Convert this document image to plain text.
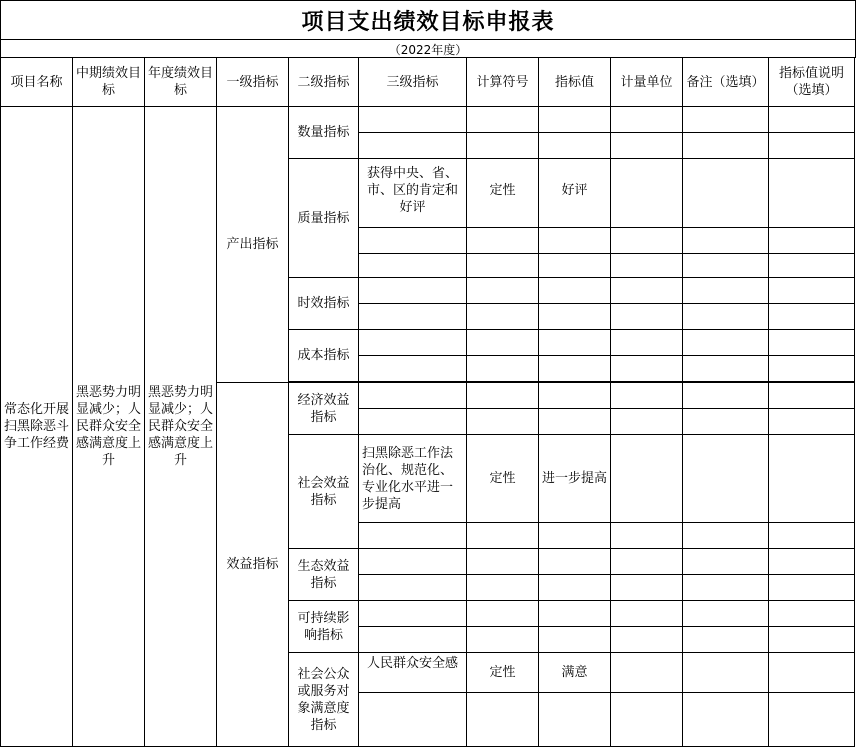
项目支出绩效目标申报表
（2022年度）
项目名称	中期绩效目标	年度绩效目标	一级指标	二级指标	三级指标	计算符号	指标值	计量单位	备注（选填）	指标值说明（选填）
常态化开展扫黑除恶斗争工作经费	黑恶势力明显减少；人民群众安全感满意度上升	黑恶势力明显减少；人民群众安全感满意度上升	产出指标	数量指标						

				质量指标	获得中央、省、市、区的肯定和好评	定性	好评			

				时效指标						

				成本指标						

			效益指标	经济效益指标						

				社会效益指标	扫黑除恶工作法治化、规范化、专业化水平进一步提高	定性	进一步提高			

				生态效益指标						

				可持续影响指标						

				社会公众或服务对象满意度指标	人民群众安全感	定性	满意			
